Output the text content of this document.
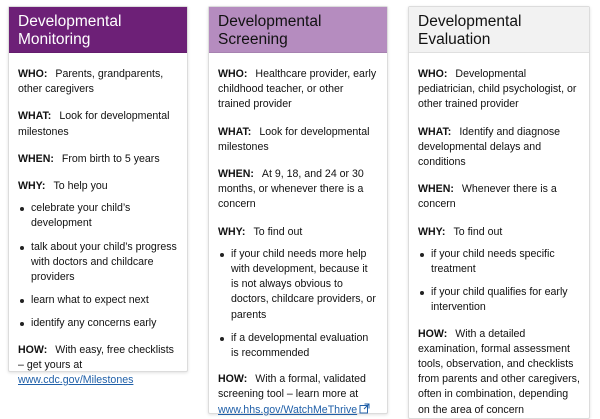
Developmental Monitoring

WHO: Parents, grandparents, other caregivers

WHAT: Look for developmental milestones

WHEN: From birth to 5 years

WHY: To help you

celebrate your child’s development
talk about your child’s progress with doctors and childcare providers
learn what to expect next
identify any concerns early

HOW: With easy, free checklists – get yours at www.cdc.gov/Milestones

Developmental Screening

WHO: Healthcare provider, early childhood teacher, or other trained provider

WHAT: Look for developmental milestones

WHEN: At 9, 18, and 24 or 30 months, or whenever there is a concern

WHY: To find out

if your child needs more help with development, because it is not always obvious to doctors, childcare providers, or parents
if a developmental evaluation is recommended

HOW: With a formal, validated screening tool – learn more at www.hhs.gov/WatchMeThrive

Developmental Evaluation

WHO: Developmental pediatrician, child psychologist, or other trained provider

WHAT: Identify and diagnose developmental delays and conditions

WHEN: Whenever there is a concern

WHY: To find out

if your child needs specific treatment
if your child qualifies for early intervention

HOW: With a detailed examination, formal assessment tools, observation, and checklists from parents and other caregivers, often in combination, depending on the area of concern
